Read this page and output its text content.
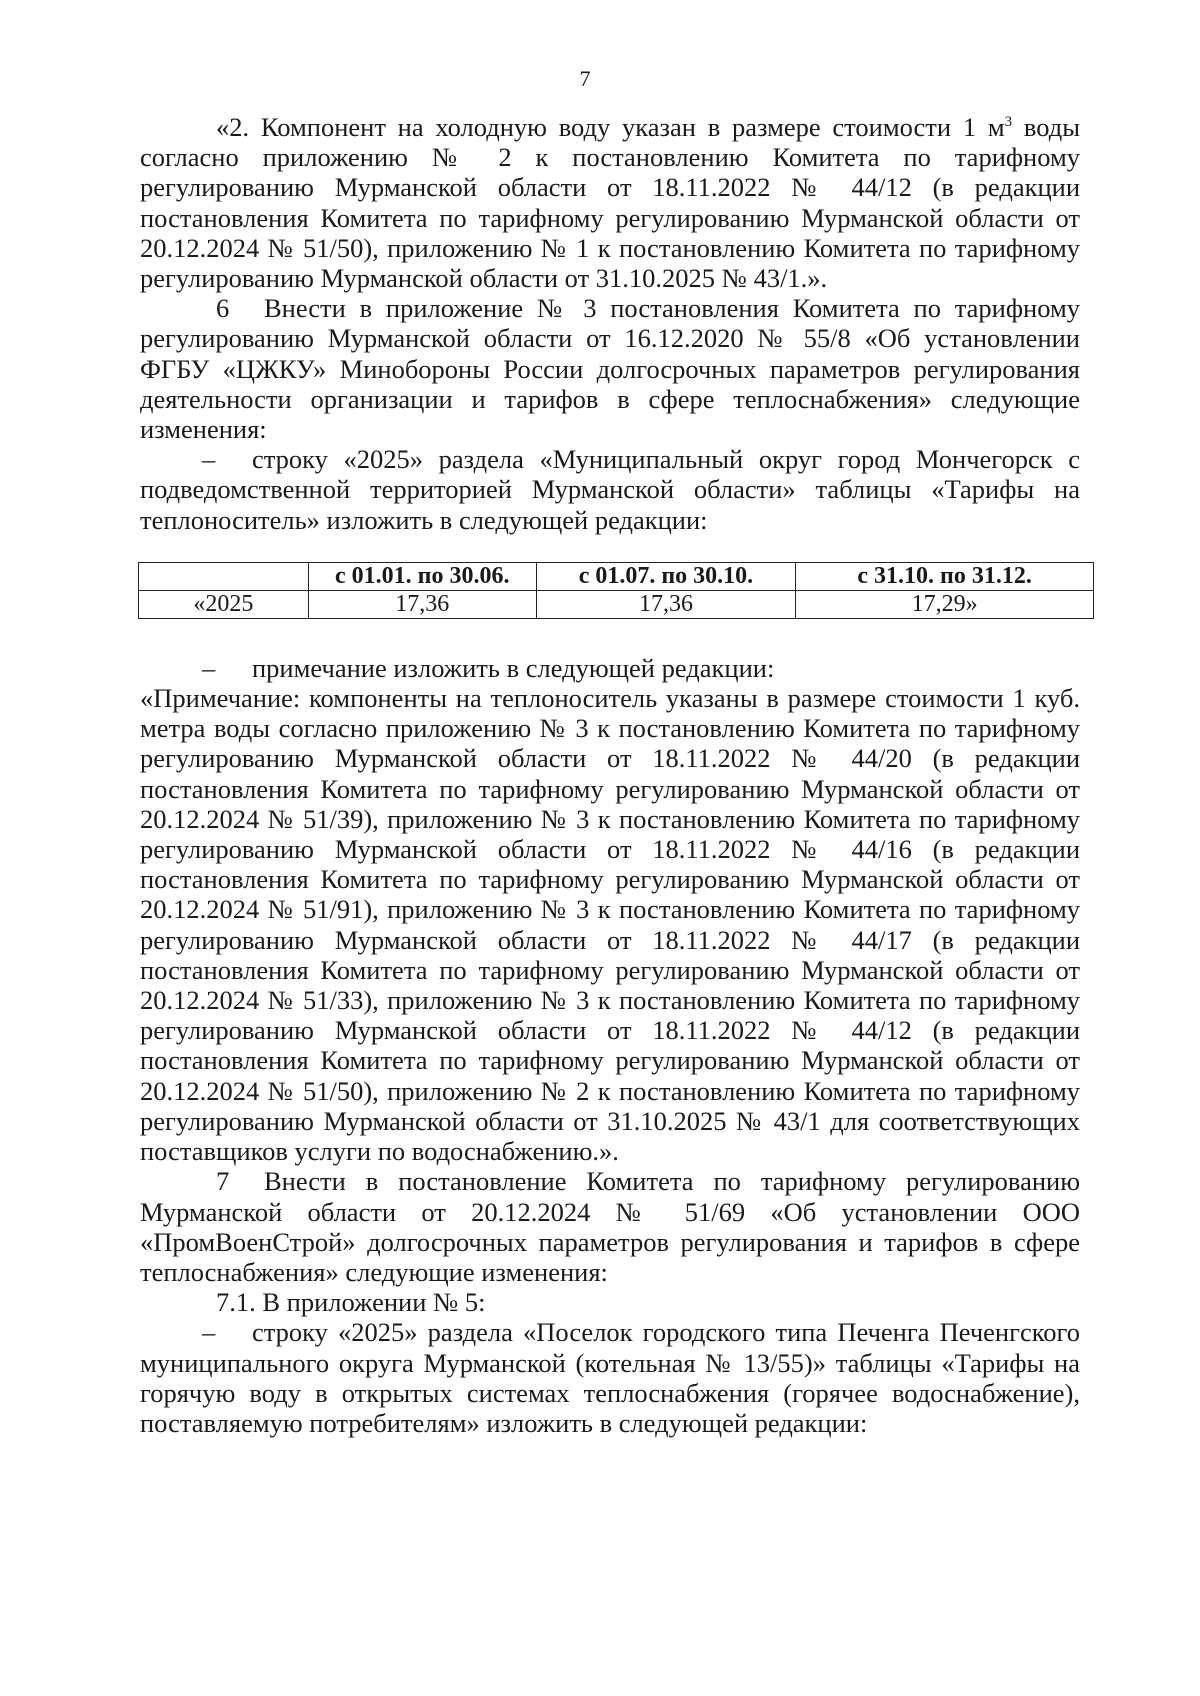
7

«2. Компонент на холодную воду указан в размере стоимости 1 $м^3$ воды согласно приложению № 2 к постановлению Комитета по тарифному регулированию Мурманской области от 18.11.2022 № 44/12 (в редакции постановления Комитета по тарифному регулированию Мурманской области от 20.12.2024 № 51/50), приложению № 1 к постановлению Комитета по тарифному регулированию Мурманской области от 31.10.2025 № 43/1.».

6 Внести в приложение № 3 постановления Комитета по тарифному регулированию Мурманской области от 16.12.2020 № 55/8 «Об установлении ФГБУ «ЦЖКУ» Минобороны России долгосрочных параметров регулирования деятельности организации и тарифов в сфере теплоснабжения» следующие изменения:

– строку «2025» раздела «Муниципальный округ город Мончегорск с подведомственной территорией Мурманской области» таблицы «Тарифы на теплоноситель» изложить в следующей редакции:

	с 01.01. по 30.06.	с 01.07. по 30.10.	с 31.10. по 31.12.
«2025	17,36	17,36	17,29»

– примечание изложить в следующей редакции:

«Примечание: компоненты на теплоноситель указаны в размере стоимости 1 куб. метра воды согласно приложению № 3 к постановлению Комитета по тарифному регулированию Мурманской области от 18.11.2022 № 44/20 (в редакции постановления Комитета по тарифному регулированию Мурманской области от 20.12.2024 № 51/39), приложению № 3 к постановлению Комитета по тарифному регулированию Мурманской области от 18.11.2022 № 44/16 (в редакции постановления Комитета по тарифному регулированию Мурманской области от 20.12.2024 № 51/91), приложению № 3 к постановлению Комитета по тарифному регулированию Мурманской области от 18.11.2022 № 44/17 (в редакции постановления Комитета по тарифному регулированию Мурманской области от 20.12.2024 № 51/33), приложению № 3 к постановлению Комитета по тарифному регулированию Мурманской области от 18.11.2022 № 44/12 (в редакции постановления Комитета по тарифному регулированию Мурманской области от 20.12.2024 № 51/50), приложению № 2 к постановлению Комитета по тарифному регулированию Мурманской области от 31.10.2025 № 43/1 для соответствующих поставщиков услуги по водоснабжению.».

7 Внести в постановление Комитета по тарифному регулированию Мурманской области от 20.12.2024 № 51/69 «Об установлении ООО «ПромВоенСтрой» долгосрочных параметров регулирования и тарифов в сфере теплоснабжения» следующие изменения:

7.1. В приложении № 5:

– строку «2025» раздела «Поселок городского типа Печенга Печенгского муниципального округа Мурманской (котельная № 13/55)» таблицы «Тарифы на горячую воду в открытых системах теплоснабжения (горячее водоснабжение), поставляемую потребителям» изложить в следующей редакции:
